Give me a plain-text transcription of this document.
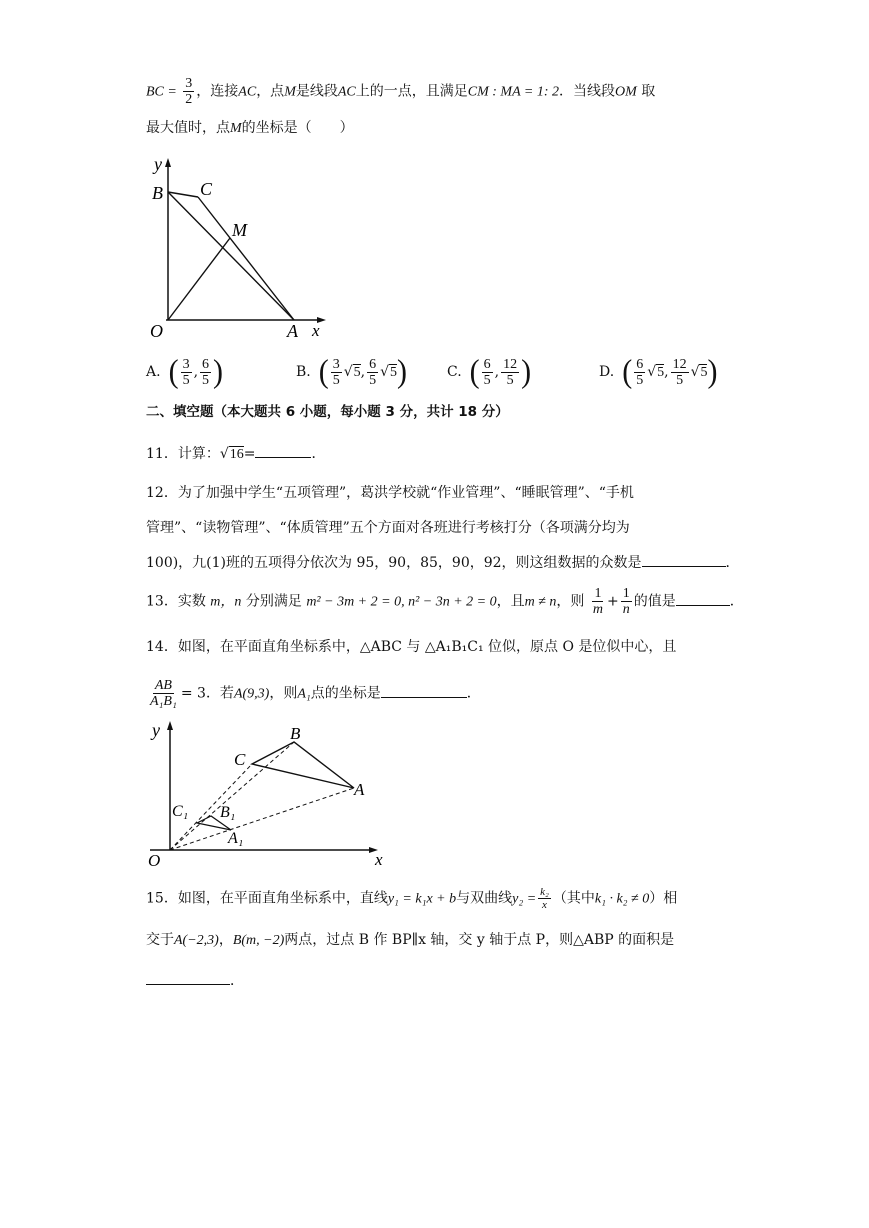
BC = $\frac{3}{2}$ ，连接AC，点M是线段AC上的一点，且满足CM : MA = 1: 2．当线段OM 取
最大值时，点M的坐标是（　　）
y
B C
M
O	A x
A. ( $\frac{3}{5}$ , $\frac{6}{5}$ )	B. ( $\frac{3}{5}$ √ 5 , $\frac{6}{5}$ √ 5 )	C. ( $\frac{6}{5}$ , $\frac{12}{5}$ )	D. ( $\frac{6}{5}$ √ 5 , $\frac{12}{5}$ √ 5 )
二、填空题（本大题共 6 小题，每小题 3 分，共计 18 分）
11．计算：√16=	．
12．为了加强中学生“五项管理”，葛洪学校就“作业管理”、“睡眠管理”、“手机
管理”、“读物管理”、“体质管理”五个方面对各班进行考核打分（各项满分均为
100)，九(1)班的五项得分依次为 95，90，85，90，92，则这组数据的众数是	．
13．实数 m，n 分别满足 m² − 3m + 2 = 0, n² − 3n + 2 = 0，且m ≠ n，则 $\frac{1}{m} + \frac{1}{n}$ 的值是	．
14．如图，在平面直角坐标系中，△ABC 与 △A₁B₁C₁ 位似，原点 O 是位似中心，且
$\frac{AB}{\text{A₁B₁}} = 3$．若A(9,3)，则A₁点的坐标是	．
y	B
C
A
C₁ B₁
A₁
O	x
15．如图，在平面直角坐标系中，直线y₁ = k₁x + b与双曲线$y_2 = \frac{\text{k₂}}{x}$ （其中k₁ · k₂ ≠ 0）相
交于A(−2,3)，B(m, −2)两点，过点 B 作 BP∥x 轴，交 y 轴于点 P，则△ABP 的面积是
．
